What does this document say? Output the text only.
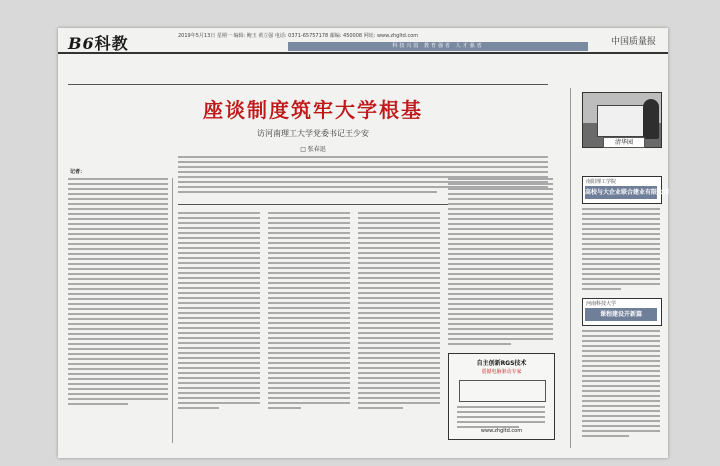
B6科教	2019年5月13日 星期一 编辑: 鲍玉 黄立强 电话: 0371-65757178 邮编: 450008 网址: www.zhgltd.com
中国质量报
科技兴国 教育强省 人才强省
座谈制度筑牢大学根基
访河南理工大学党委书记王少安
□ 张春迅
记者：
自主创新RGS技术
震撼电脑驱动专家
www.zhgltd.com
清华园
南阳理工学院
高校与大企业联合建业有限公司
河南科技大学
课程建设开新篇
